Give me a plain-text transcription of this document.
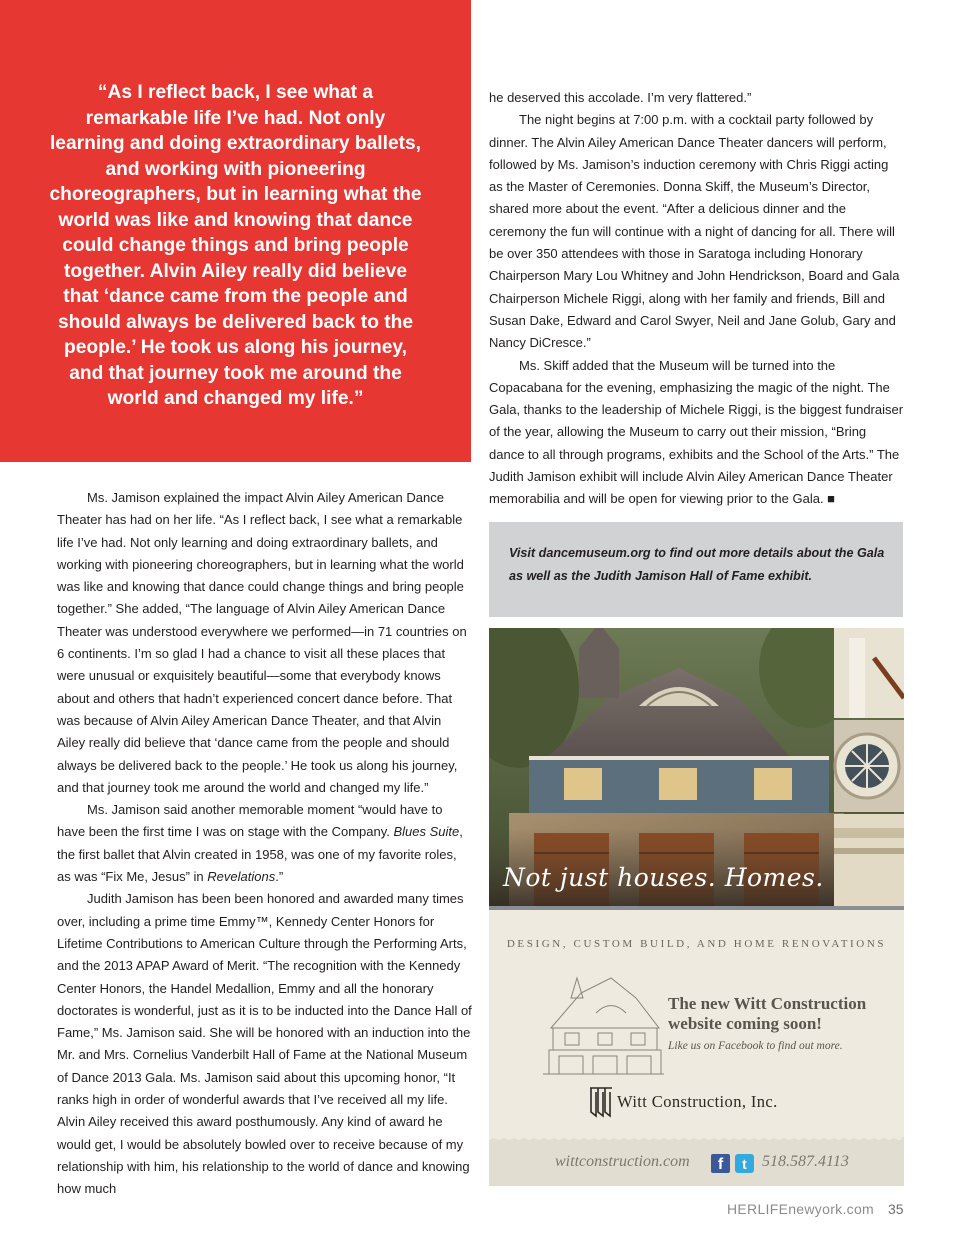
“As I reflect back, I see what a remarkable life I’ve had. Not only learning and doing extraordinary ballets, and working with pioneering choreographers, but in learning what the world was like and knowing that dance could change things and bring people together. Alvin Ailey really did believe that ‘dance came from the people and should always be delivered back to the people.’ He took us along his journey, and that journey took me around the world and changed my life.”

Ms. Jamison explained the impact Alvin Ailey American Dance Theater has had on her life. “As I reflect back, I see what a remarkable life I’ve had. Not only learning and doing extraordinary ballets, and working with pioneering choreographers, but in learning what the world was like and knowing that dance could change things and bring people together.” She added, “The language of Alvin Ailey American Dance Theater was understood everywhere we performed—in 71 countries on 6 continents. I’m so glad I had a chance to visit all these places that were unusual or exquisitely beautiful—some that everybody knows about and others that hadn’t experienced concert dance before. That was because of Alvin Ailey American Dance Theater, and that Alvin Ailey really did believe that ‘dance came from the people and should always be delivered back to the people.’ He took us along his journey, and that journey took me around the world and changed my life.”

Ms. Jamison said another memorable moment “would have to have been the first time I was on stage with the Company. Blues Suite, the first ballet that Alvin created in 1958, was one of my favorite roles, as was “Fix Me, Jesus” in Revelations.”

Judith Jamison has been been honored and awarded many times over, including a prime time Emmy™, Kennedy Center Honors for Lifetime Contributions to American Culture through the Performing Arts, and the 2013 APAP Award of Merit. “The recognition with the Kennedy Center Honors, the Handel Medallion, Emmy and all the honorary doctorates is wonderful, just as it is to be inducted into the Dance Hall of Fame,” Ms. Jamison said. She will be honored with an induction into the Mr. and Mrs. Cornelius Vanderbilt Hall of Fame at the National Museum of Dance 2013 Gala. Ms. Jamison said about this upcoming honor, “It ranks high in order of wonderful awards that I’ve received all my life. Alvin Ailey received this award posthumously. Any kind of award he would get, I would be absolutely bowled over to receive because of my relationship with him, his relationship to the world of dance and knowing how much

he deserved this accolade. I’m very flattered.”

The night begins at 7:00 p.m. with a cocktail party followed by dinner. The Alvin Ailey American Dance Theater dancers will perform, followed by Ms. Jamison’s induction ceremony with Chris Riggi acting as the Master of Ceremonies. Donna Skiff, the Museum’s Director, shared more about the event. “After a delicious dinner and the ceremony the fun will continue with a night of dancing for all. There will be over 350 attendees with those in Saratoga including Honorary Chairperson Mary Lou Whitney and John Hendrickson, Board and Gala Chairperson Michele Riggi, along with her family and friends, Bill and Susan Dake, Edward and Carol Swyer, Neil and Jane Golub, Gary and Nancy DiCresce.”

Ms. Skiff added that the Museum will be turned into the Copacabana for the evening, emphasizing the magic of the night. The Gala, thanks to the leadership of Michele Riggi, is the biggest fundraiser of the year, allowing the Museum to carry out their mission, “Bring dance to all through programs, exhibits and the School of the Arts.” The Judith Jamison exhibit will include Alvin Ailey American Dance Theater memorabilia and will be open for viewing prior to the Gala. ■

Visit dancemuseum.org to find out more details about the Gala as well as the Judith Jamison Hall of Fame exhibit.

Not just houses. Homes.
DESIGN, CUSTOM BUILD, AND HOME RENOVATIONS
The new Witt Construction website coming soon!
Like us on Facebook to find out more.
Witt Construction, Inc.
wittconstruction.com	f	t 518.587.4113
HERLIFEnewyork.com 35
